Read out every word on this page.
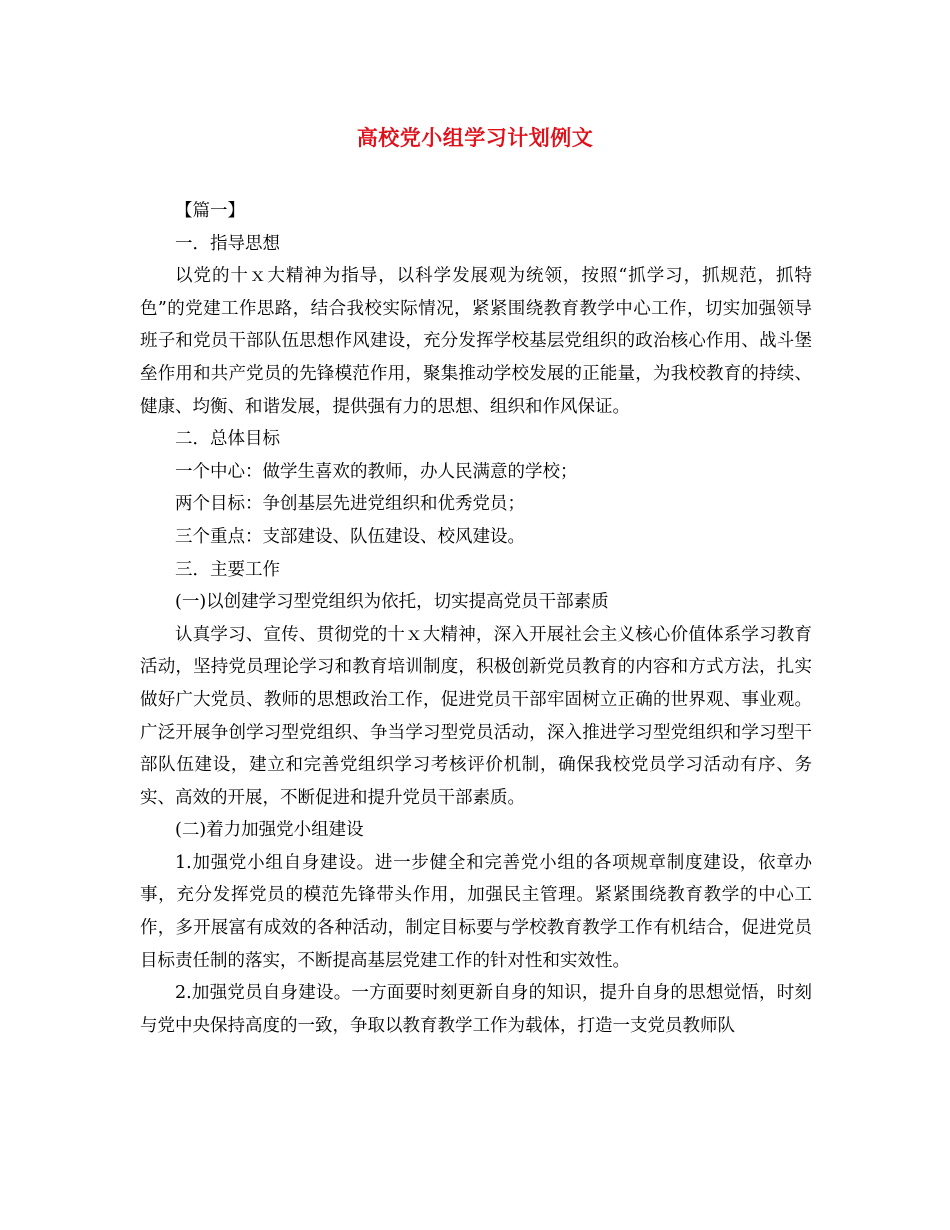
高校党小组学习计划例文

【篇一】

一．指导思想

以党的十ｘ大精神为指导，以科学发展观为统领，按照“抓学习，抓规范，抓特色”的党建工作思路，结合我校实际情况，紧紧围绕教育教学中心工作，切实加强领导班子和党员干部队伍思想作风建设，充分发挥学校基层党组织的政治核心作用、战斗堡垒作用和共产党员的先锋模范作用，聚集推动学校发展的正能量，为我校教育的持续、健康、均衡、和谐发展，提供强有力的思想、组织和作风保证。

二．总体目标

一个中心：做学生喜欢的教师，办人民满意的学校；

两个目标：争创基层先进党组织和优秀党员；

三个重点：支部建设、队伍建设、校风建设。

三．主要工作

(一)以创建学习型党组织为依托，切实提高党员干部素质

认真学习、宣传、贯彻党的十ｘ大精神，深入开展社会主义核心价值体系学习教育活动，坚持党员理论学习和教育培训制度，积极创新党员教育的内容和方式方法，扎实做好广大党员、教师的思想政治工作，促进党员干部牢固树立正确的世界观、事业观。广泛开展争创学习型党组织、争当学习型党员活动，深入推进学习型党组织和学习型干部队伍建设，建立和完善党组织学习考核评价机制，确保我校党员学习活动有序、务实、高效的开展，不断促进和提升党员干部素质。

(二)着力加强党小组建设

1.加强党小组自身建设。进一步健全和完善党小组的各项规章制度建设，依章办事，充分发挥党员的模范先锋带头作用，加强民主管理。紧紧围绕教育教学的中心工作，多开展富有成效的各种活动，制定目标要与学校教育教学工作有机结合，促进党员目标责任制的落实，不断提高基层党建工作的针对性和实效性。

2.加强党员自身建设。一方面要时刻更新自身的知识，提升自身的思想觉悟，时刻与党中央保持高度的一致，争取以教育教学工作为载体，打造一支党员教师队
